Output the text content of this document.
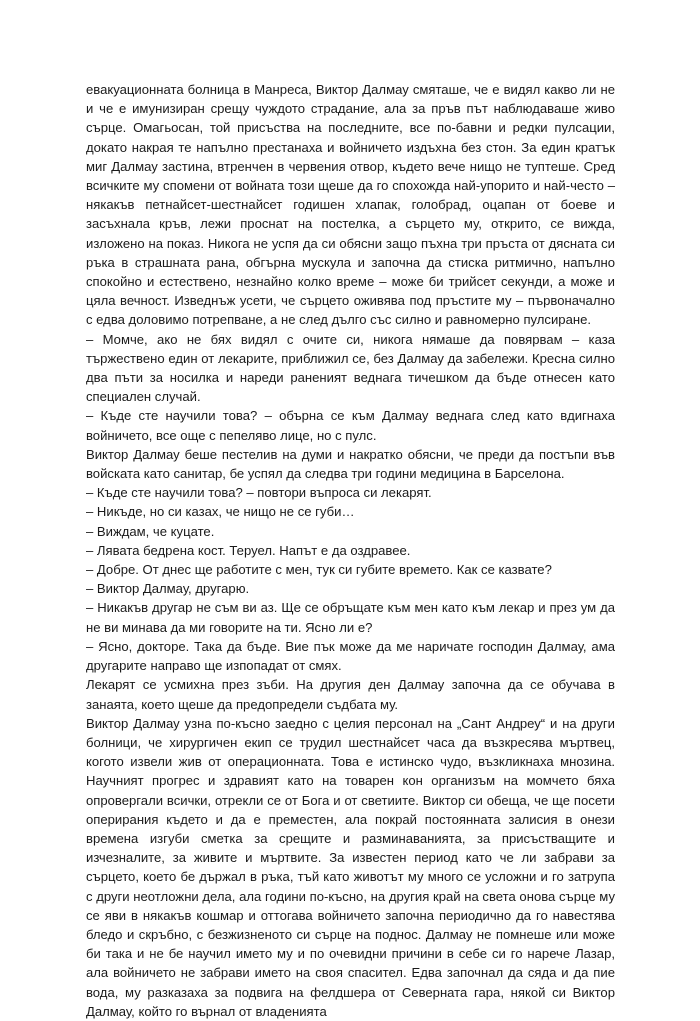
евакуационната болница в Манреса, Виктор Далмау смяташе, че е видял какво ли не и че е имунизиран срещу чуждото страдание, ала за пръв път наблюдаваше живо сърце. Омагьосан, той присъства на последните, все по-бавни и редки пулсации, докато накрая те напълно престанаха и войничето издъхна без стон. За един кратък миг Далмау застина, втренчен в червения отвор, където вече нищо не туптеше. Сред всичките му спомени от войната този щеше да го спохожда най-упорито и най-често – някакъв петнайсет-шестнайсет годишен хлапак, голобрад, оцапан от боеве и засъхнала кръв, лежи проснат на постелка, а сърцето му, открито, се вижда, изложено на показ. Никога не успя да си обясни защо пъхна три пръста от дясната си ръка в страшната рана, обгърна мускула и започна да стиска ритмично, напълно спокойно и естествено, незнайно колко време – може би трийсет секунди, а може и цяла вечност. Изведнъж усети, че сърцето оживява под пръстите му – първоначално с едва доловимо потрепване, а не след дълго със силно и равномерно пулсиране.

– Момче, ако не бях видял с очите си, никога нямаше да повярвам – каза тържествено един от лекарите, приближил се, без Далмау да забележи. Кресна силно два пъти за носилка и нареди раненият веднага тичешком да бъде отнесен като специален случай.

– Къде сте научили това? – обърна се към Далмау веднага след като вдигнаха войничето, все още с пепеляво лице, но с пулс.

Виктор Далмау беше пестелив на думи и накратко обясни, че преди да постъпи във войската като санитар, бе успял да следва три години медицина в Барселона.

– Къде сте научили това? – повтори въпроса си лекарят.

– Никъде, но си казах, че нищо не се губи…

– Виждам, че куцате.

– Лявата бедрена кост. Теруел. Напът е да оздравее.

– Добре. От днес ще работите с мен, тук си губите времето. Как се казвате?

– Виктор Далмау, другарю.

– Никакъв другар не съм ви аз. Ще се обръщате към мен като към лекар и през ум да не ви минава да ми говорите на ти. Ясно ли е?

– Ясно, докторе. Така да бъде. Вие пък може да ме наричате господин Далмау, ама другарите направо ще изпопадат от смях.

Лекарят се усмихна през зъби. На другия ден Далмау започна да се обучава в занаята, което щеше да предопредели съдбата му.

Виктор Далмау узна по-късно заедно с целия персонал на „Сант Андреу“ и на други болници, че хирургичен екип се трудил шестнайсет часа да възкресява мъртвец, когото извели жив от операционната. Това е истинско чудо, възкликнаха мнозина. Научният прогрес и здравият като на товарен кон организъм на момчето бяха опровергали всички, отрекли се от Бога и от светиите. Виктор си обеща, че ще посети оперирания където и да е преместен, ала покрай постоянната залисия в онези времена изгуби сметка за срещите и разминаванията, за присъстващите и изчезналите, за живите и мъртвите. За известен период като че ли забрави за сърцето, което бе държал в ръка, тъй като животът му много се усложни и го затрупа с други неотложни дела, ала години по-късно, на другия край на света онова сърце му се яви в някакъв кошмар и оттогава войничето започна периодично да го навестява бледо и скръбно, с безжизненото си сърце на поднос. Далмау не помнеше или може би така и не бе научил името му и по очевидни причини в себе си го нарече Лазар, ала войничето не забрави името на своя спасител. Едва започнал да сяда и да пие вода, му разказаха за подвига на фелдшера от Северната гара, някой си Виктор Далмау, който го върнал от владенията
